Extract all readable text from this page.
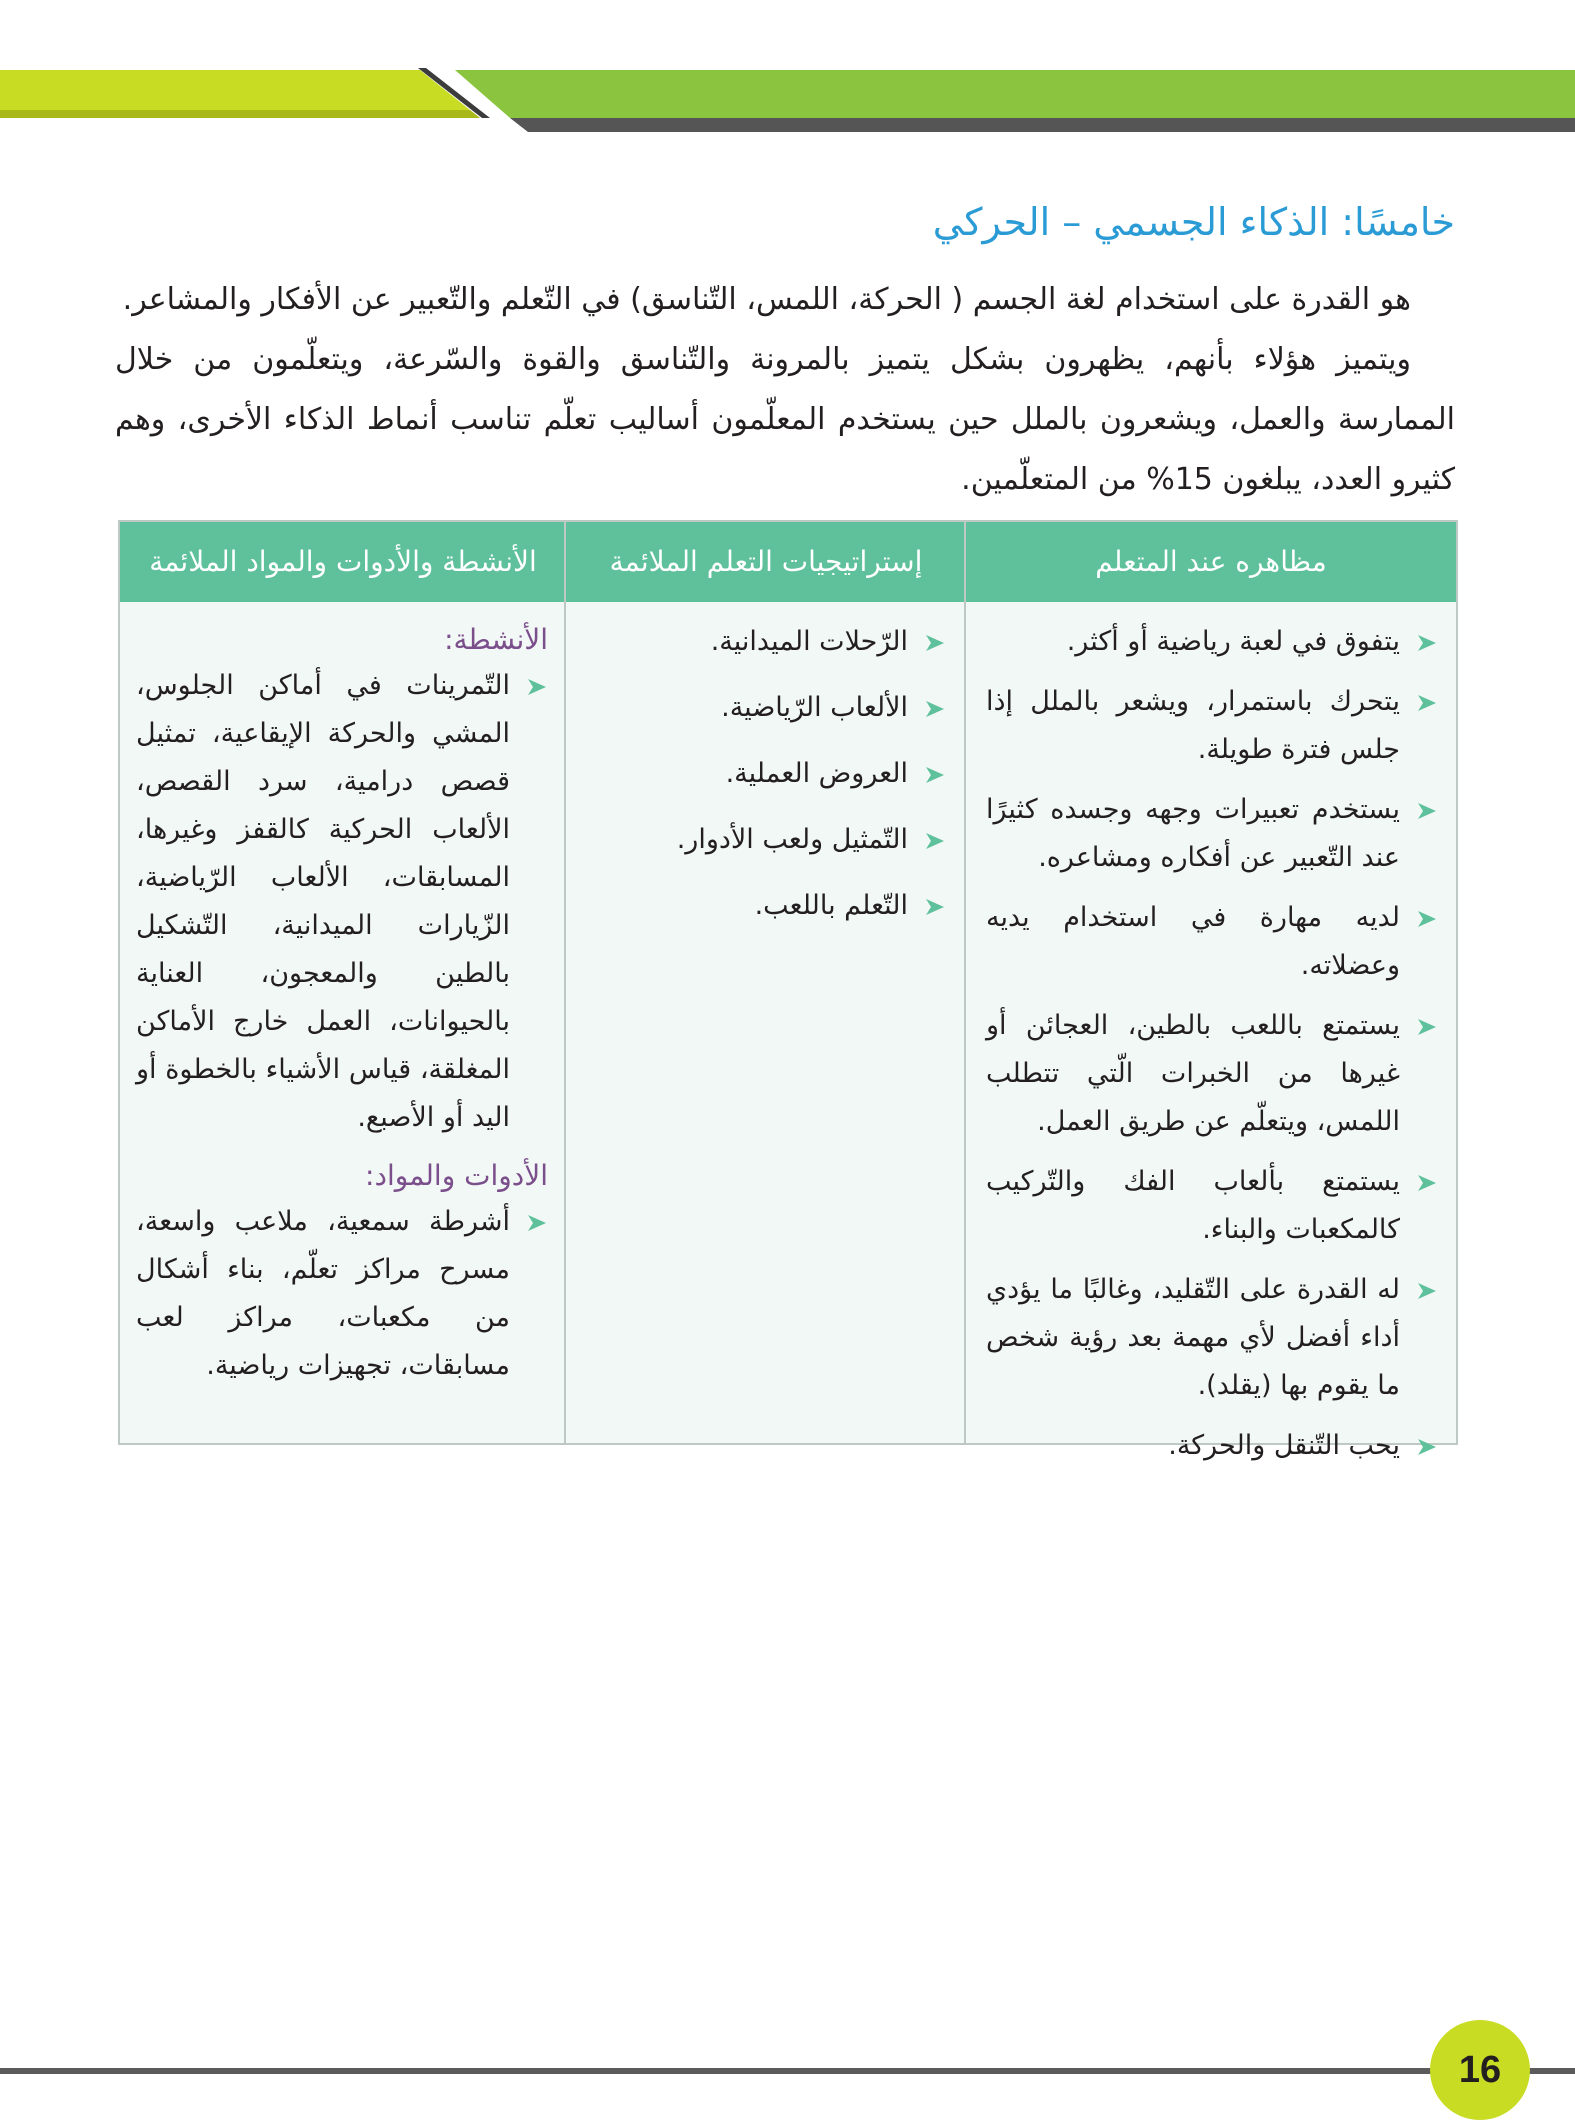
خامسًا: الذكاء الجسمي – الحركي

هو القدرة على استخدام لغة الجسم ( الحركة، اللمس، التّناسق) في التّعلم والتّعبير عن الأفكار والمشاعر.

ويتميز هؤلاء بأنهم، يظهرون بشكل يتميز بالمرونة والتّناسق والقوة والسّرعة، ويتعلّمون من خلال الممارسة والعمل، ويشعرون بالملل حين يستخدم المعلّمون أساليب تعلّم تناسب أنماط الذكاء الأخرى، وهم كثيرو العدد، يبلغون 15% من المتعلّمين.

مظاهره عند المتعلم
إستراتيجيات التعلم الملائمة
الأنشطة والأدوات والمواد الملائمة
يتفوق في لعبة رياضية أو أكثر.
يتحرك باستمرار، ويشعر بالملل إذا جلس فترة طويلة.
يستخدم تعبيرات وجهه وجسده كثيرًا عند التّعبير عن أفكاره ومشاعره.
لديه مهارة في استخدام يديه وعضلاته.
يستمتع باللعب بالطين، العجائن أو غيرها من الخبرات الّتي تتطلب اللمس، ويتعلّم عن طريق العمل.
يستمتع بألعاب الفك والتّركيب كالمكعبات والبناء.
له القدرة على التّقليد، وغالبًا ما يؤدي أداء أفضل لأي مهمة بعد رؤية شخص ما يقوم بها (يقلد).
يحب التّنقل والحركة.
الرّحلات الميدانية.
الألعاب الرّياضية.
العروض العملية.
التّمثيل ولعب الأدوار.
التّعلم باللعب.
الأنشطة:
التّمرينات في أماكن الجلوس، المشي والحركة الإيقاعية، تمثيل قصص درامية، سرد القصص، الألعاب الحركية كالقفز وغيرها، المسابقات، الألعاب الرّياضية، الزّيارات الميدانية، التّشكيل بالطين والمعجون، العناية بالحيوانات، العمل خارج الأماكن المغلقة، قياس الأشياء بالخطوة أو اليد أو الأصبع.
الأدوات والمواد:
أشرطة سمعية، ملاعب واسعة، مسرح مراكز تعلّم، بناء أشكال من مكعبات، مراكز لعب مسابقات، تجهيزات رياضية.
16
